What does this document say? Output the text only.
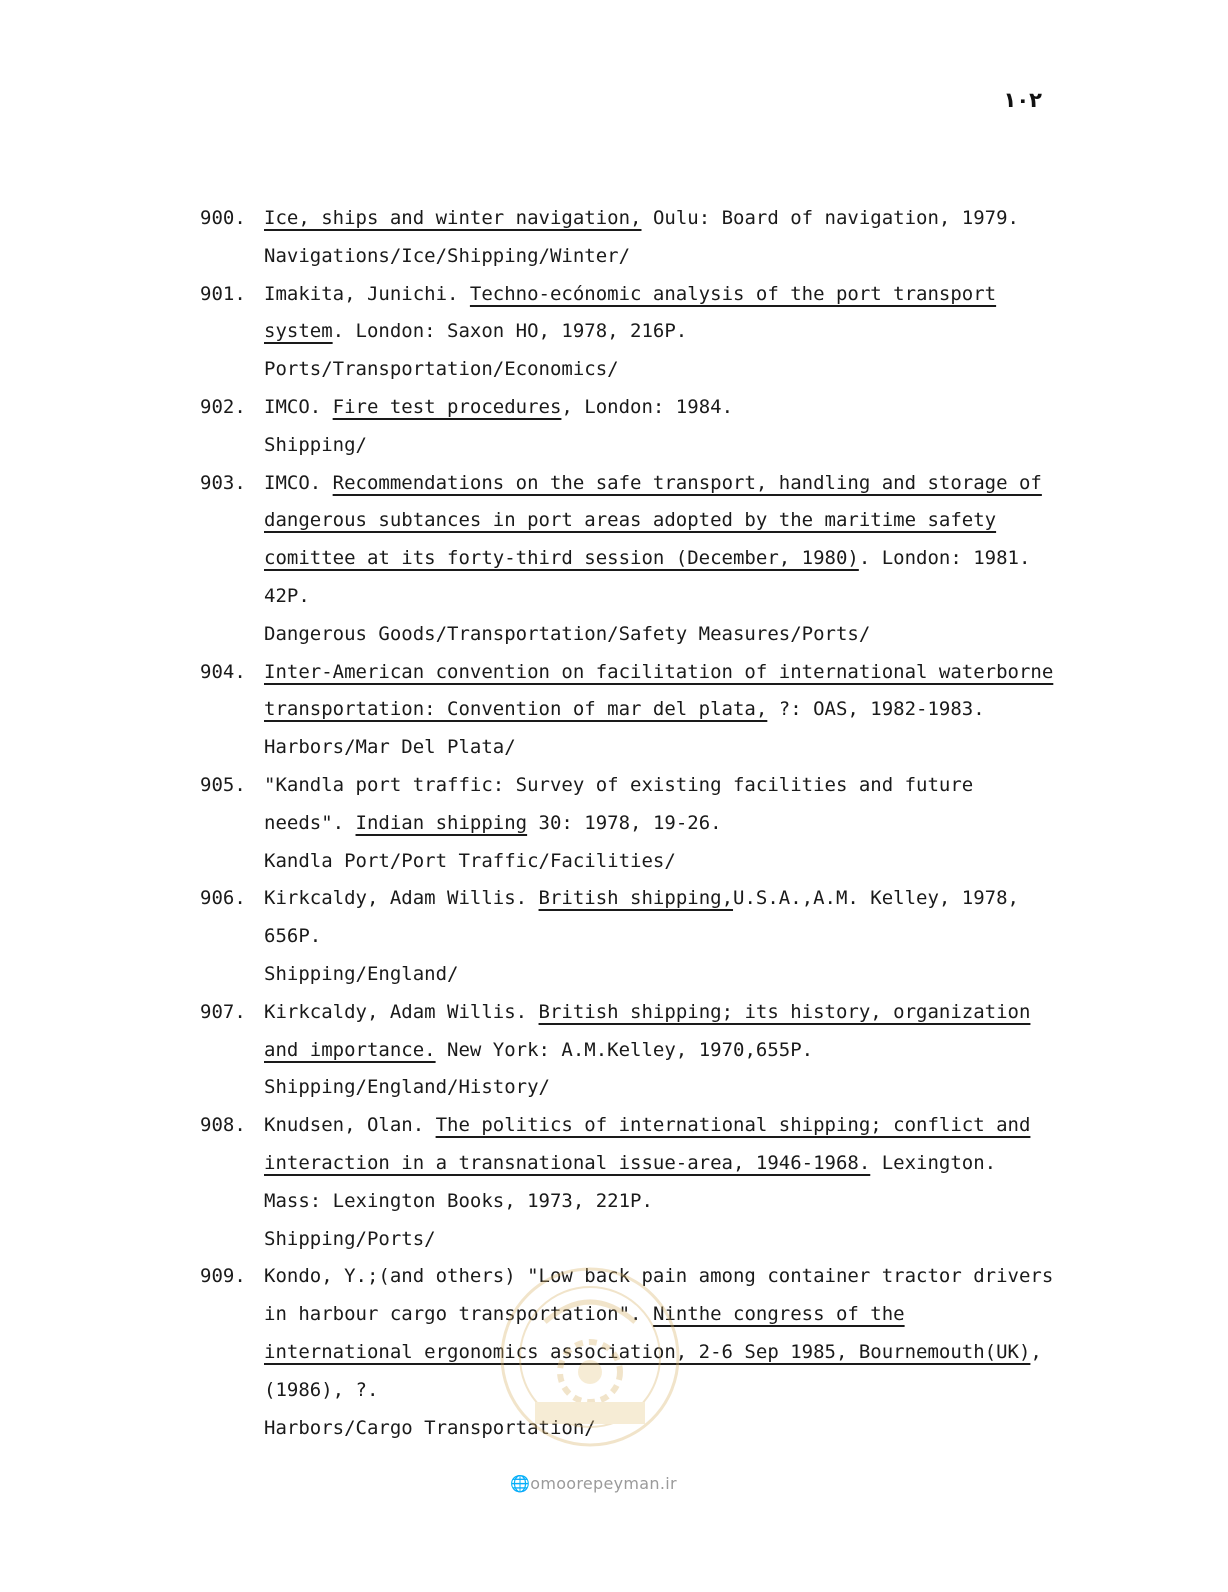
۱۰۲
900. Ice, ships and winter navigation, Oulu: Board of navigation, 1979.
Navigations/Ice/Shipping/Winter/
901. Imakita, Junichi. Techno-ecónomic analysis of the port transport system. London: Saxon HO, 1978, 216P.
Ports/Transportation/Economics/
902. IMCO. Fire test procedures, London: 1984.
Shipping/
903. IMCO. Recommendations on the safe transport, handling and storage of dangerous subtances in port areas adopted by the maritime safety comittee at its forty-third session (December, 1980). London: 1981. 42P.
Dangerous Goods/Transportation/Safety Measures/Ports/
904. Inter-American convention on facilitation of international waterborne transportation: Convention of mar del plata, ?: OAS, 1982-1983.
Harbors/Mar Del Plata/
905. "Kandla port traffic: Survey of existing facilities and future needs". Indian shipping 30: 1978, 19-26.
Kandla Port/Port Traffic/Facilities/
906. Kirkcaldy, Adam Willis. British shipping,U.S.A.,A.M. Kelley, 1978, 656P.
Shipping/England/
907. Kirkcaldy, Adam Willis. British shipping; its history, organization and importance. New York: A.M.Kelley, 1970,655P.
Shipping/England/History/
908. Knudsen, Olan. The politics of international shipping; conflict and interaction in a transnational issue-area, 1946-1968. Lexington. Mass: Lexington Books, 1973, 221P.
Shipping/Ports/
909. Kondo, Y.;(and others) "Low back pain among container tractor drivers in harbour cargo transportation". Ninthe congress of the international ergonomics association, 2-6 Sep 1985, Bournemouth(UK), (1986), ?.
Harbors/Cargo Transportation/
🌐omoorepeyman.ir
